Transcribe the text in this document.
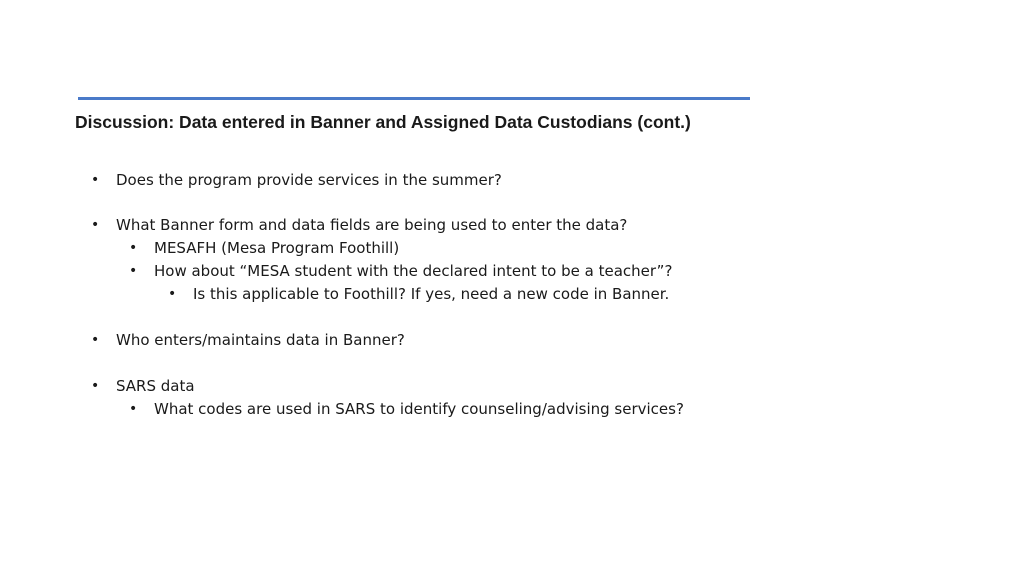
Discussion: Data entered in Banner and Assigned Data Custodians (cont.)
• Does the program provide services in the summer?
• What Banner form and data fields are being used to enter the data?
• MESAFH (Mesa Program Foothill)
• How about “MESA student with the declared intent to be a teacher”?
• Is this applicable to Foothill? If yes, need a new code in Banner.
• Who enters/maintains data in Banner?
• SARS data
• What codes are used in SARS to identify counseling/advising services?
